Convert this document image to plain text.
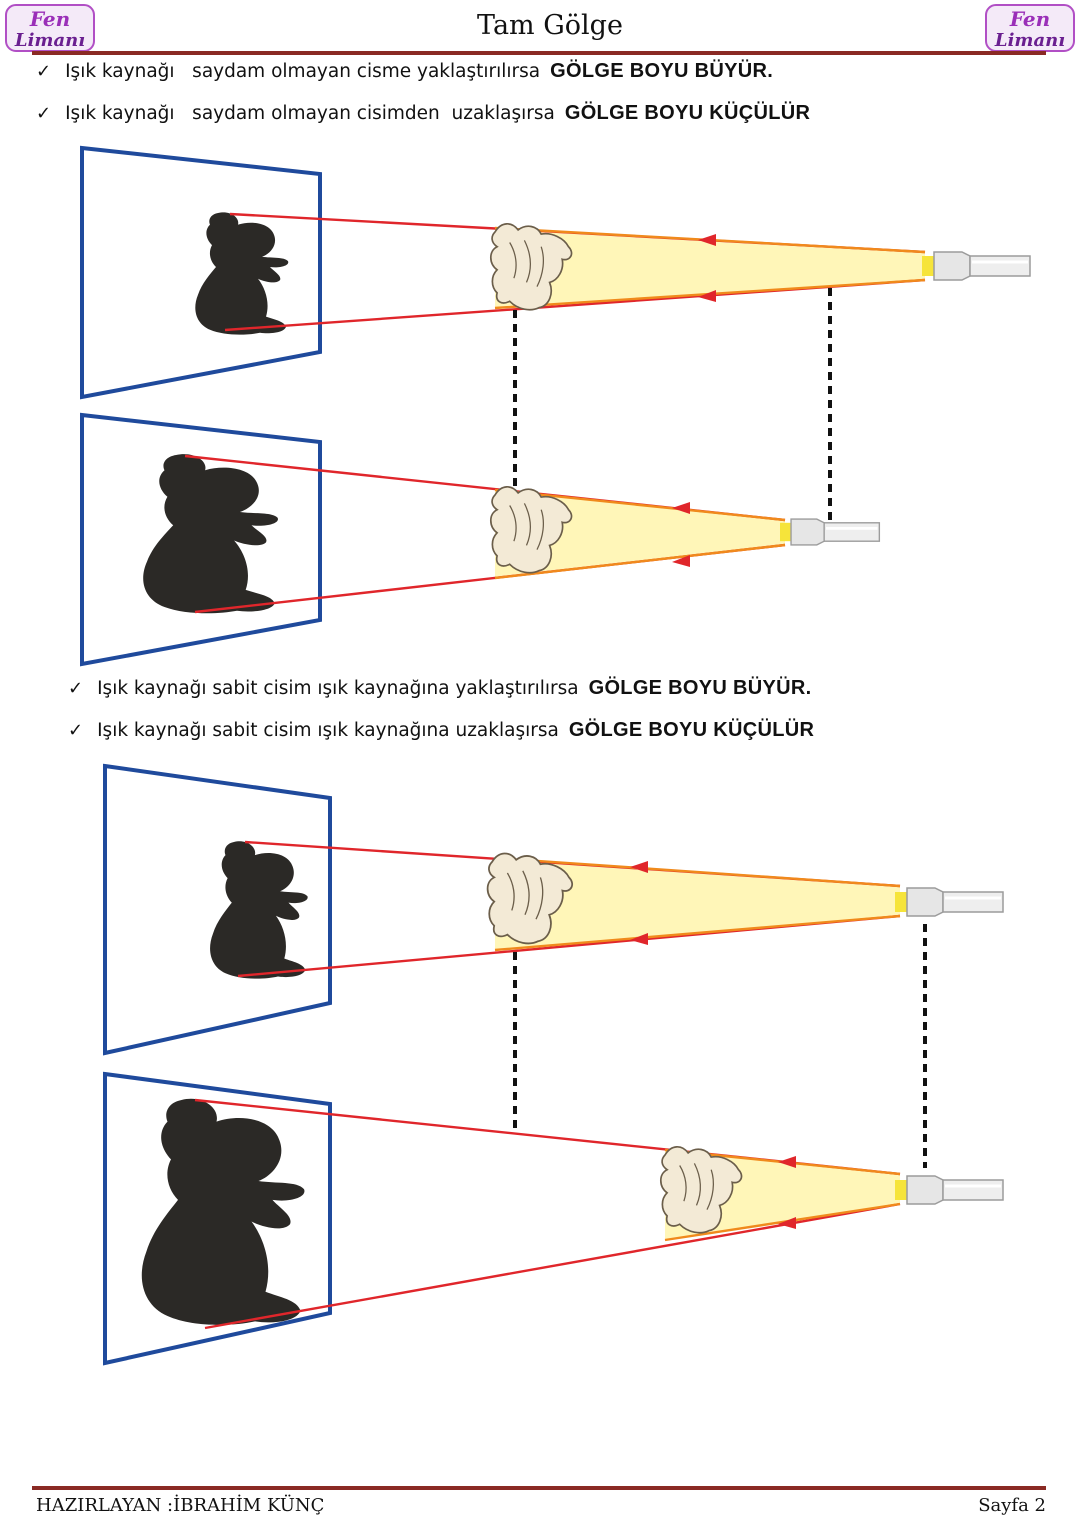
Fen
Limanı	Tam Gölge	Fen
Limanı
✓ Işık kaynağı   saydam olmayan cisme yaklaştırılırsa GÖLGE BOYU BÜYÜR.
✓ Işık kaynağı   saydam olmayan cisimden  uzaklaşırsa GÖLGE BOYU KÜÇÜLÜR
✓ Işık kaynağı sabit cisim ışık kaynağına yaklaştırılırsa GÖLGE BOYU BÜYÜR.
✓ Işık kaynağı sabit cisim ışık kaynağına uzaklaşırsa GÖLGE BOYU KÜÇÜLÜR
HAZIRLAYAN :İBRAHİM KÜNÇ	Sayfa 2
